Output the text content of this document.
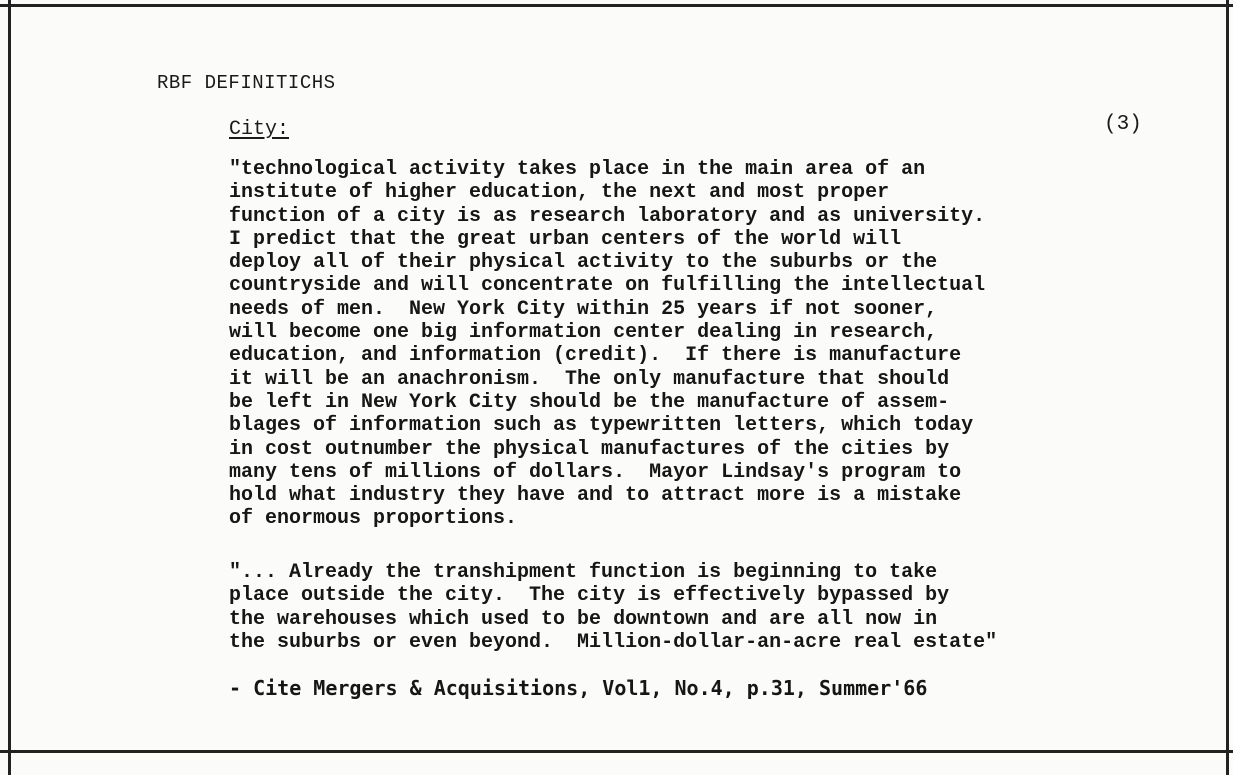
RBF DEFINITICHS
City:	(3)
"technological activity takes place in the main area of an
institute of higher education, the next and most proper
function of a city is as research laboratory and as university.
I predict that the great urban centers of the world will
deploy all of their physical activity to the suburbs or the
countryside and will concentrate on fulfilling the intellectual
needs of men.  New York City within 25 years if not sooner,
will become one big information center dealing in research,
education, and information (credit).  If there is manufacture
it will be an anachronism.  The only manufacture that should
be left in New York City should be the manufacture of assem-
blages of information such as typewritten letters, which today
in cost outnumber the physical manufactures of the cities by
many tens of millions of dollars.  Mayor Lindsay's program to
hold what industry they have and to attract more is a mistake
of enormous proportions.
"... Already the transhipment function is beginning to take
place outside the city.  The city is effectively bypassed by
the warehouses which used to be downtown and are all now in
the suburbs or even beyond.  Million-dollar-an-acre real estate"
- Cite Mergers & Acquisitions, Vol1, No.4, p.31, Summer'66
